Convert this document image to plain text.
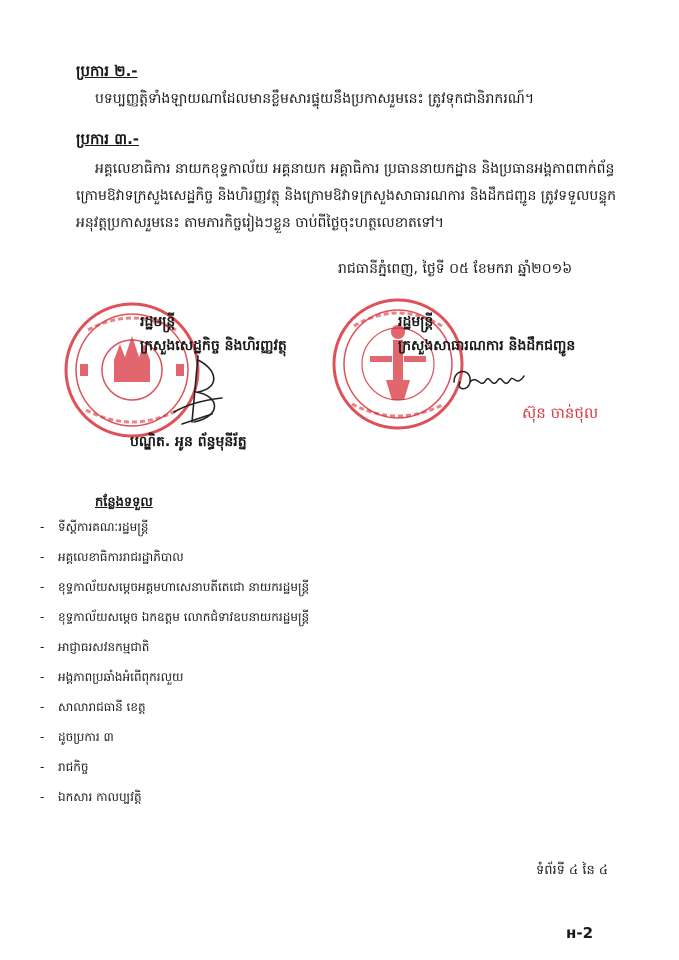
ប្រការ ២.-
បទប្បញ្ញត្តិទាំងឡាយណាដែលមានខ្លឹមសារផ្ទុយនឹងប្រកាសរួមនេះ ត្រូវទុកជានិរាករណ៍។
ប្រការ ៣.-
អគ្គលេខាធិការ នាយកខុទ្ទកាល័យ អគ្គនាយក អគ្គាធិការ ប្រធាននាយកដ្ឋាន និងប្រធានអង្គភាពពាក់ព័ន្ធ
ក្រោមឱវាទក្រសួងសេដ្ឋកិច្ច និងហិរញ្ញវត្ថុ និងក្រោមឱវាទក្រសួងសាធារណការ និងដឹកជញ្ជូន ត្រូវទទួលបន្ទុក
អនុវត្តប្រកាសរួមនេះ តាមភារកិច្ចរៀងៗខ្លួន ចាប់ពីថ្ងៃចុះហត្ថលេខាតទៅ។
រាជធានីភ្នំពេញ, ថ្ងៃទី ០៥ ខែមករា ឆ្នាំ២០១៦
រដ្ឋមន្ត្រី
ក្រសួងសេដ្ឋកិច្ច និងហិរញ្ញវត្ថុ
បណ្ឌិត. អូន ព័ន្ធមុនីរ័ត្ន
រដ្ឋមន្ត្រី
ក្រសួងសាធារណការ និងដឹកជញ្ជូន
ស៊ុន ចាន់ថុល
កន្លែងទទួល
- ទីស្តីការគណៈរដ្ឋមន្ត្រី
- អគ្គលេខាធិការរាជរដ្ឋាភិបាល
- ខុទ្ទកាល័យសម្តេចអគ្គមហាសេនាបតីតេជោ នាយករដ្ឋមន្ត្រី
- ខុទ្ទកាល័យសម្តេច ឯកឧត្តម លោកជំទាវឧបនាយករដ្ឋមន្ត្រី
- អាជ្ញាធរសវនកម្មជាតិ
- អង្គភាពប្រឆាំងអំពើពុករលួយ
- សាលារាជធានី ខេត្ត
- ដូចប្រការ ៣
- រាជកិច្ច
- ឯកសារ កាលប្បវត្តិ
ទំព័រទី ៤ នៃ ៤
ʜ-2
